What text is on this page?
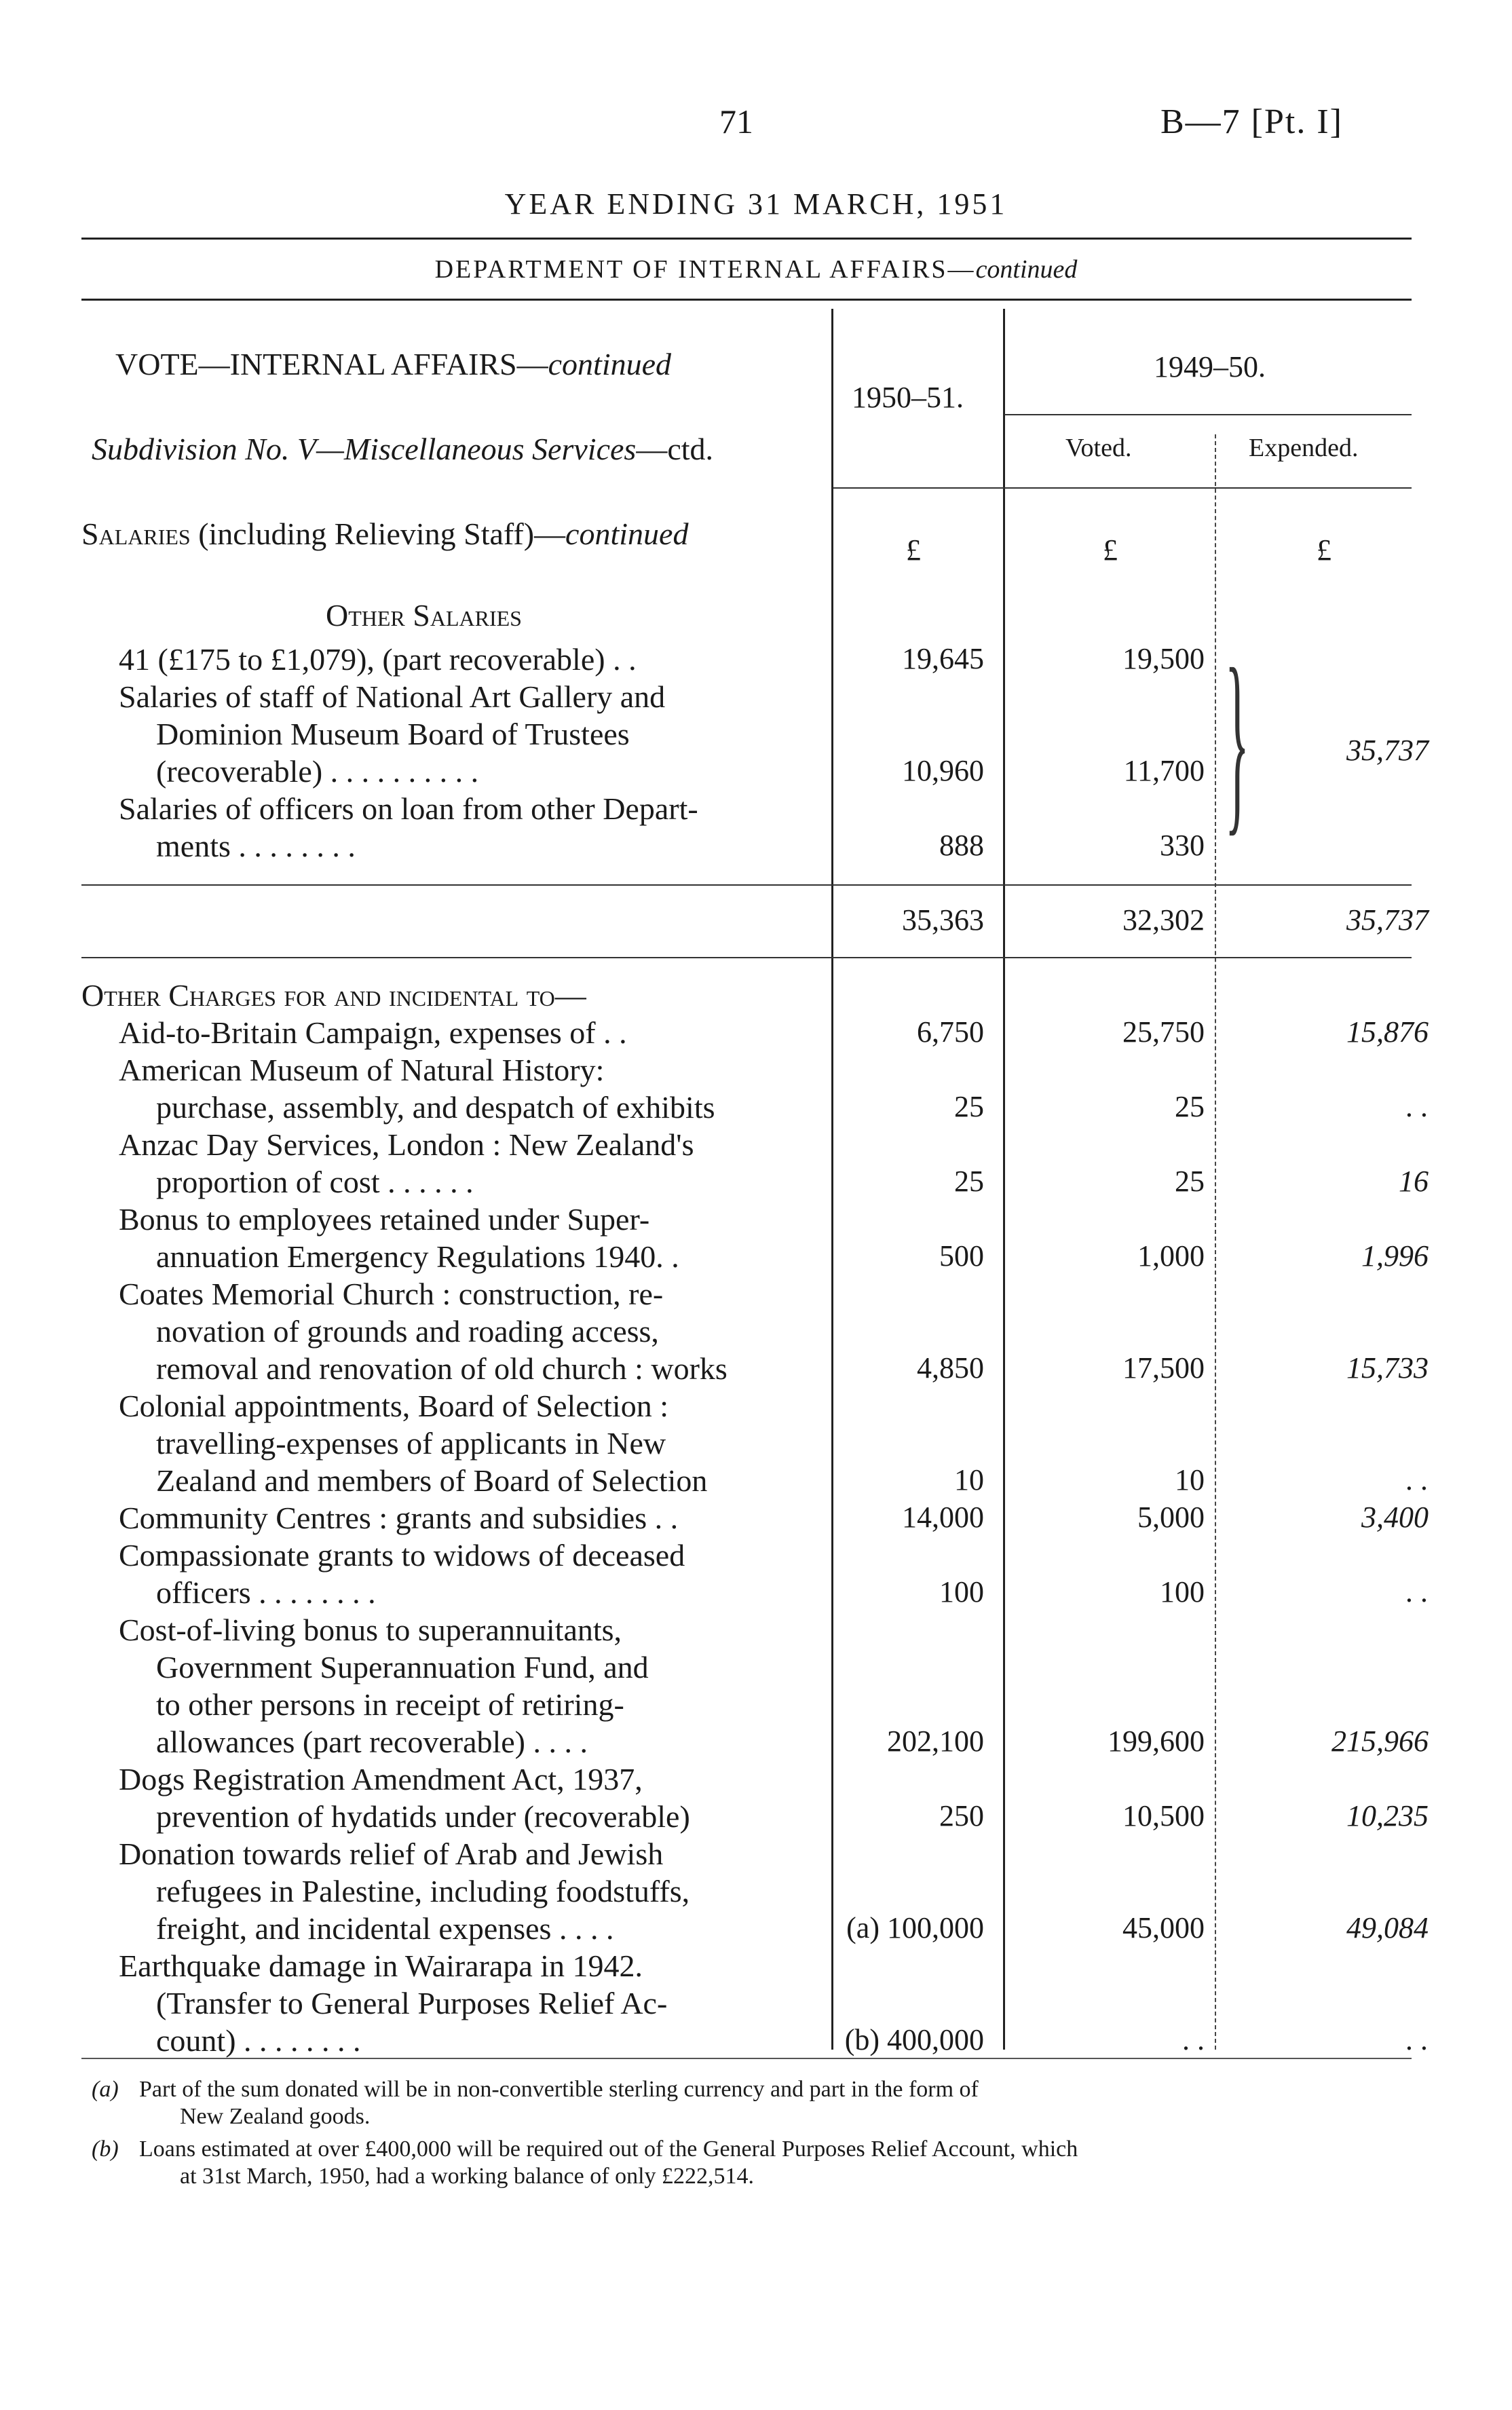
71	B—7 [Pt. I]
YEAR ENDING 31 MARCH, 1951
DEPARTMENT OF INTERNAL AFFAIRS—continued
VOTE—INTERNAL AFFAIRS—continued
Subdivision No. V—Miscellaneous Services—ctd.
1950–51.
1949–50.
Voted.	Expended.
Salaries (including Relieving Staff)—continued	£	£	£
Other Salaries
41 (£175 to £1,079), (part recoverable) . .	19,645	19,500
Salaries of staff of National Art Gallery and
Dominion Museum Board of Trustees
(recoverable) . . . . . . . . . .	10,960	11,700
Salaries of officers on loan from other Depart-
ments . . . . . . . .	888	330 }	35,737
35,363	32,302	35,737
Other Charges for and incidental to—
Aid-to-Britain Campaign, expenses of . .	6,750	25,750	15,876
American Museum of Natural History:
purchase, assembly, and despatch of exhibits	25	25	. .
Anzac Day Services, London : New Zealand's
proportion of cost . . . . . .	25	25	16
Bonus to employees retained under Super-
annuation Emergency Regulations 1940. .	500	1,000	1,996
Coates Memorial Church : construction, re-
novation of grounds and roading access,
removal and renovation of old church : works	4,850	17,500	15,733
Colonial appointments, Board of Selection :
travelling-expenses of applicants in New
Zealand and members of Board of Selection	10	10	. .
Community Centres : grants and subsidies . .	14,000	5,000	3,400
Compassionate grants to widows of deceased
officers . . . . . . . .	100	100	. .
Cost-of-living bonus to superannuitants,
Government Superannuation Fund, and
to other persons in receipt of retiring-
allowances (part recoverable) . . . .	202,100	199,600	215,966
Dogs Registration Amendment Act, 1937,
prevention of hydatids under (recoverable)	250	10,500	10,235
Donation towards relief of Arab and Jewish
refugees in Palestine, including foodstuffs,
freight, and incidental expenses . . . .	(a) 100,000	45,000	49,084
Earthquake damage in Wairarapa in 1942.
(Transfer to General Purposes Relief Ac-
count) . . . . . . . .	(b) 400,000	. .	. .
(a) Part of the sum donated will be in non-convertible sterling currency and part in the form of
New Zealand goods.
(b) Loans estimated at over £400,000 will be required out of the General Purposes Relief Account, which
at 31st March, 1950, had a working balance of only £222,514.
